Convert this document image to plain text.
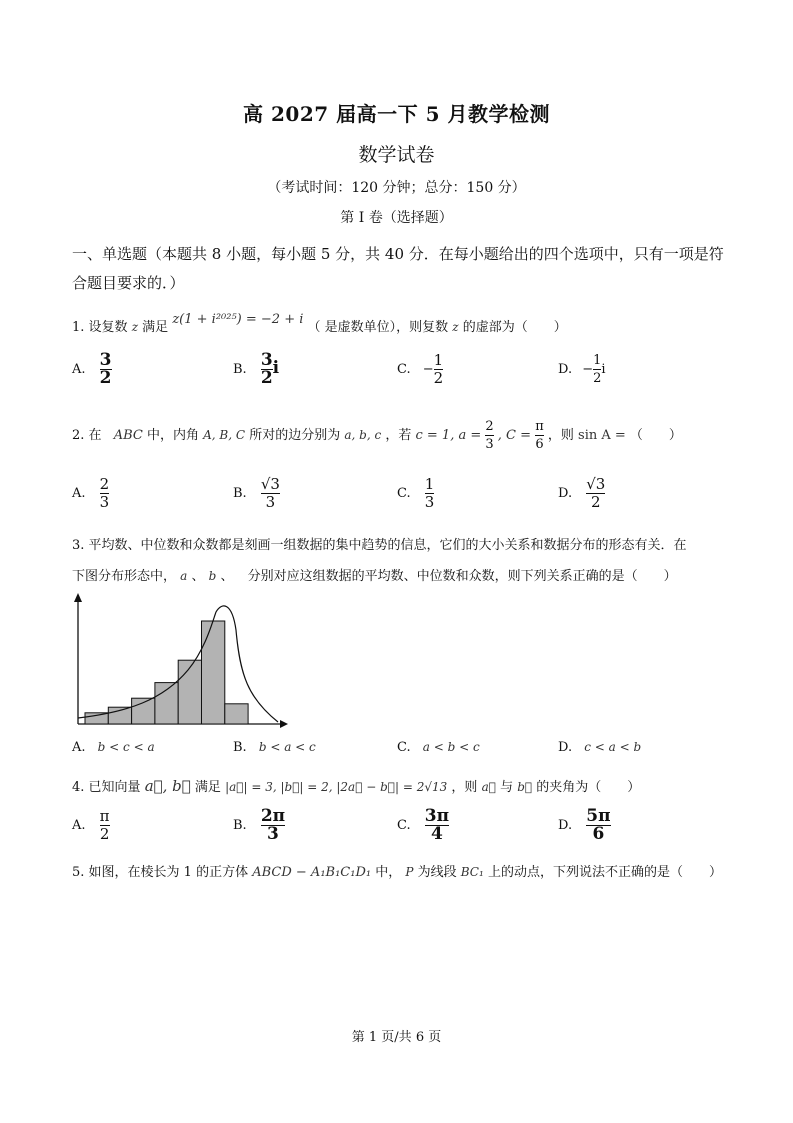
高 2027 届高一下 5 月教学检测
数学试卷
（考试时间：120 分钟；总分：150 分）
第 I 卷（选择题）
一、单选题（本题共 8 小题，每小题 5 分，共 40 分．在每小题给出的四个选项中，只有一项是符合题目要求的．）
1. 设复数 z 满足 z(1 + i²⁰²⁵) = −2 + i （ 是虚数单位），则复数 z 的虚部为（　　）
A. $\frac{3}{2}$	B. $\frac{3}{2}$ i	C. − $\frac{1}{2}$	D. − $\frac{1}{2}$ i
2. 在 ABC 中，内角 A, B, C 所对的边分别为 a, b, c ，若 c = 1, $a = \frac{2}{3}$ , $C = \frac{\pi}{6}$ ，则 sin A = （　　）
A. $\frac{2}{3}$	B. $\frac{√3}{3}$	C. $\frac{1}{3}$	D. $\frac{√3}{2}$
3. 平均数、中位数和众数都是刻画一组数据的集中趋势的信息，它们的大小关系和数据分布的形态有关．在
下图分布形态中， a 、 b 、 分别对应这组数据的平均数、中位数和众数，则下列关系正确的是（　　）
A. b < c < a	B. b < a < c	C. a < b < c	D. c < a < b
4. 已知向量 a⃗, b⃗ 满足 |a⃗| = 3, |b⃗| = 2, |2a⃗ − b⃗| = 2√13 ，则 a⃗ 与 b⃗ 的夹角为（　　）
A. $\frac{\pi}{2}$	B. $\frac{2\pi}{3}$	C. $\frac{3\pi}{4}$	D. $\frac{5\pi}{6}$
5. 如图，在棱长为 1 的正方体 ABCD − A₁B₁C₁D₁ 中， P 为线段 BC₁ 上的动点，下列说法不正确的是（　　）
第 1 页/共 6 页
